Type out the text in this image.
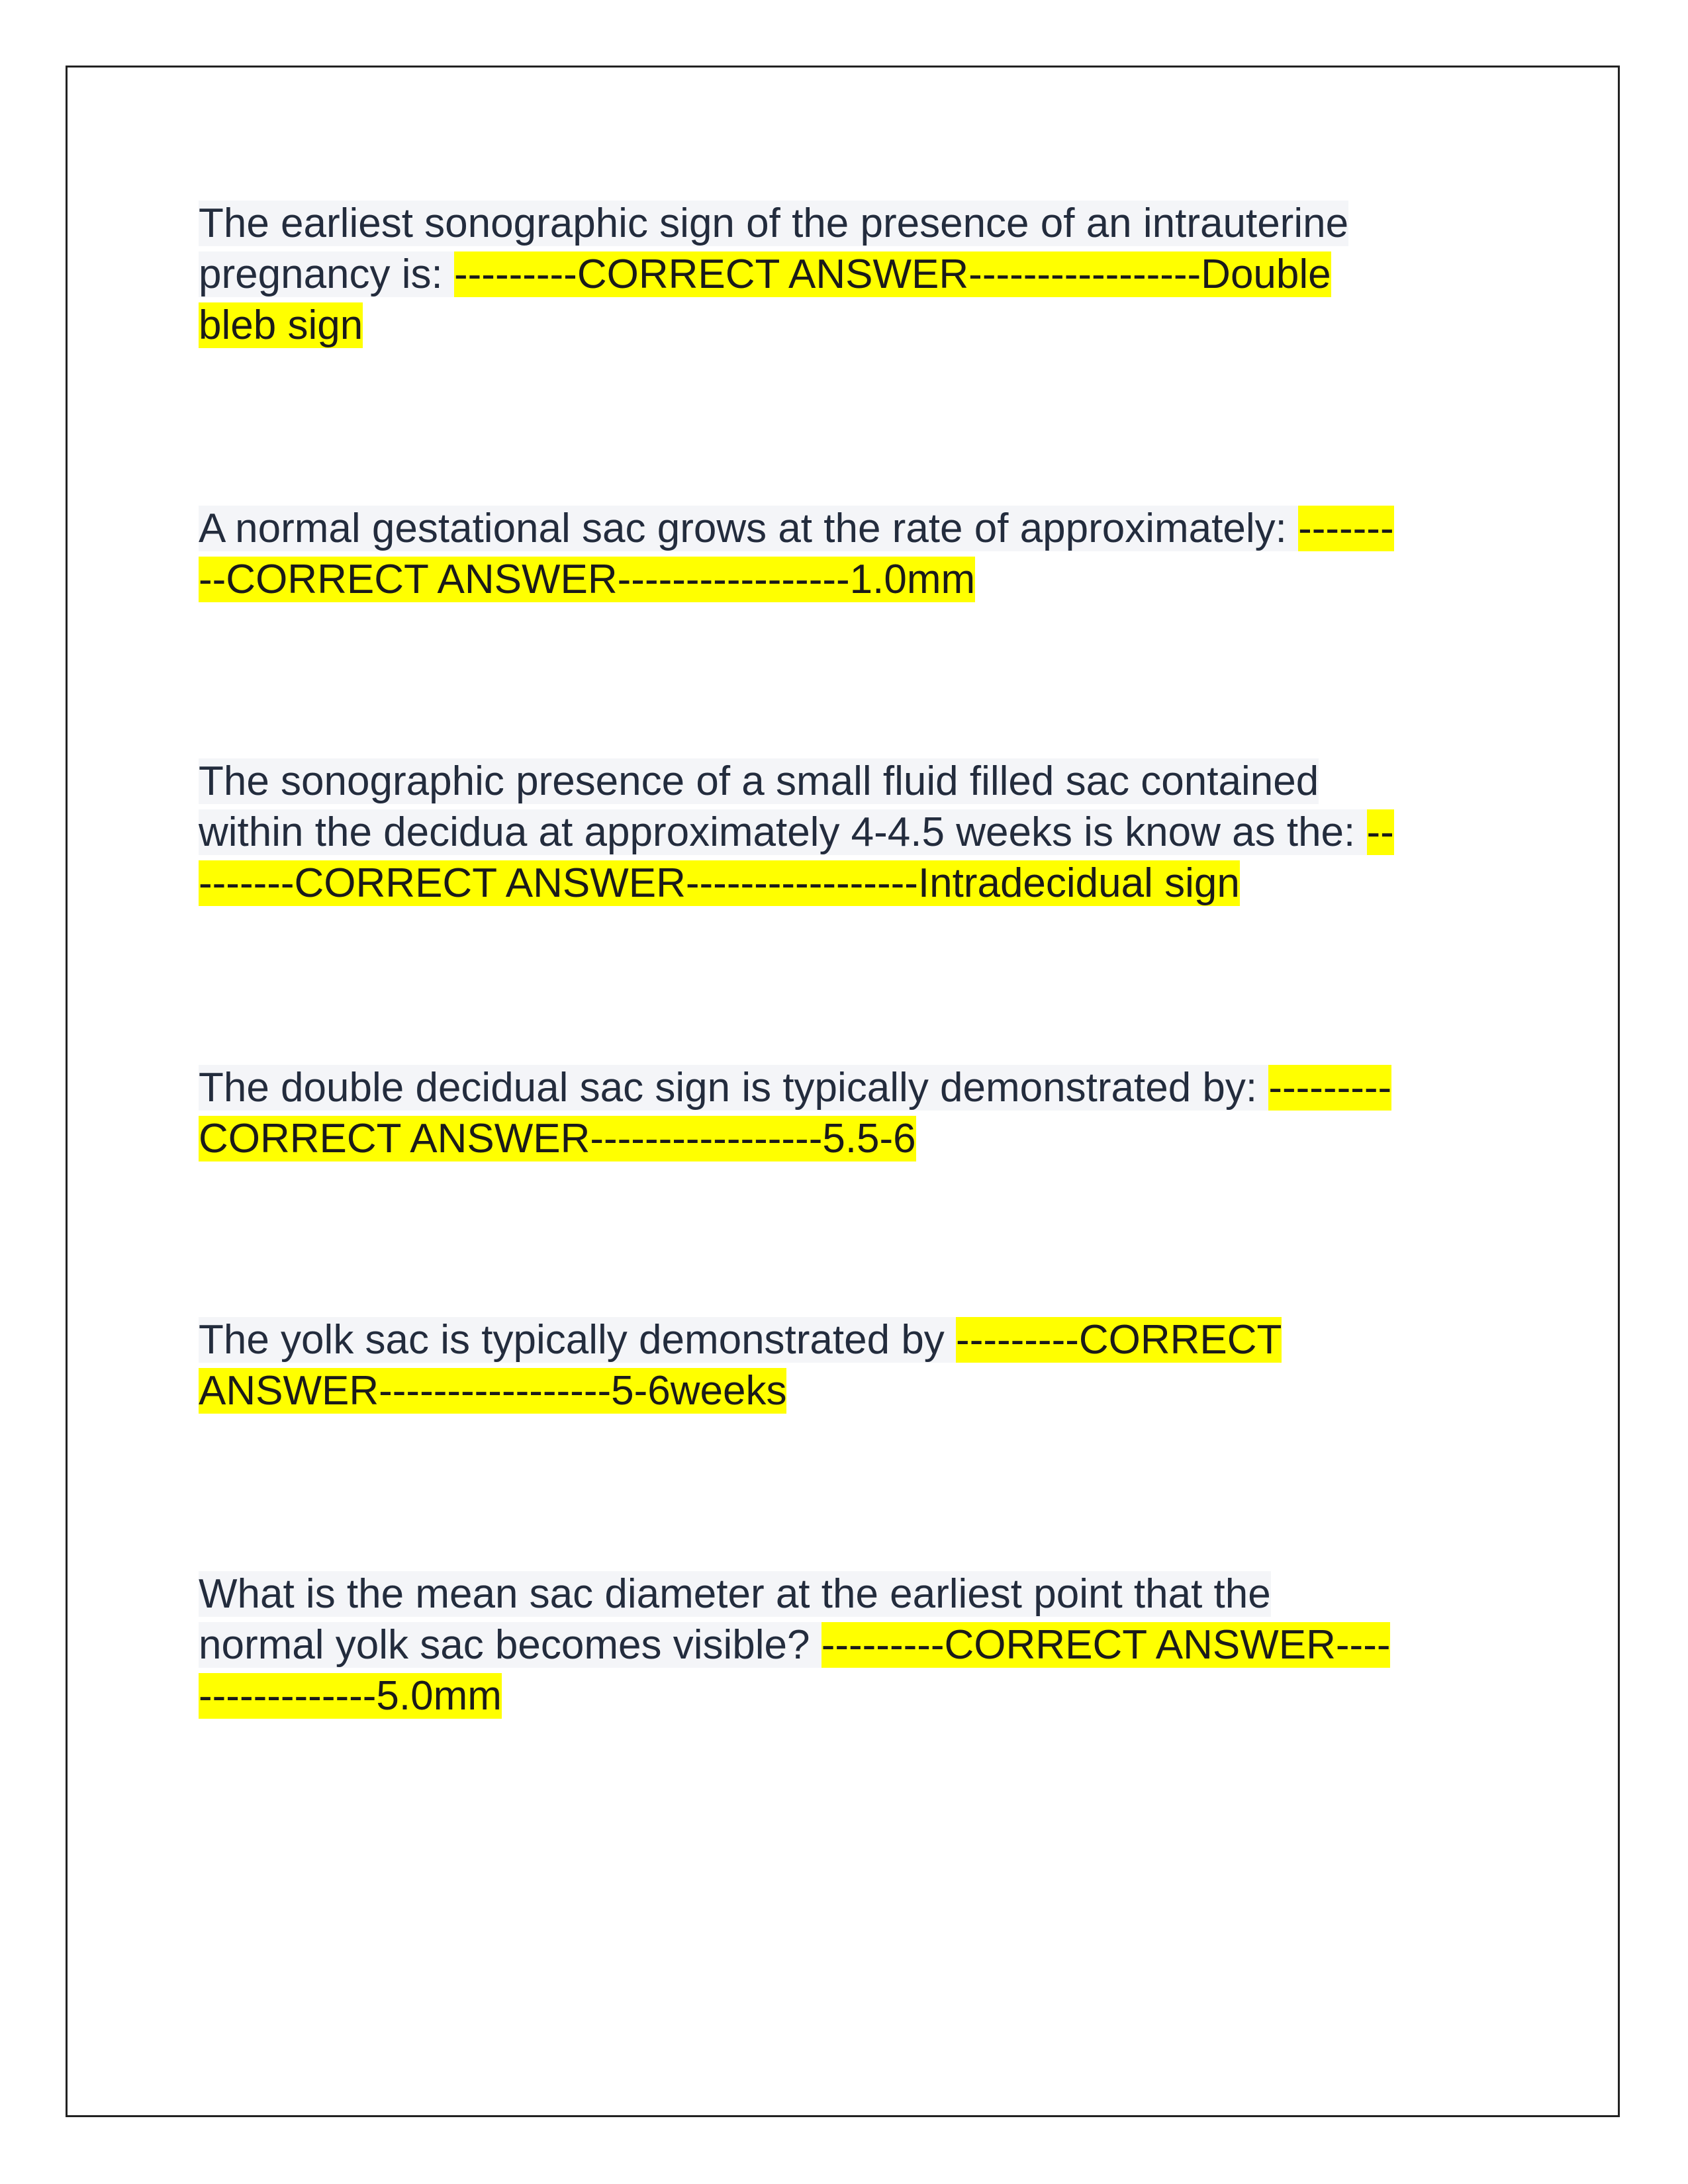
The earliest sonographic sign of the presence of an intrauterine
pregnancy is: ---------CORRECT ANSWER-----------------Double
bleb sign
A normal gestational sac grows at the rate of approximately: -------
--CORRECT ANSWER-----------------1.0mm
The sonographic presence of a small fluid filled sac contained
within the decidua at approximately 4-4.5 weeks is know as the: --
-------CORRECT ANSWER-----------------Intradecidual sign
The double decidual sac sign is typically demonstrated by: ---------
CORRECT ANSWER-----------------5.5-6
The yolk sac is typically demonstrated by ---------CORRECT
ANSWER-----------------5-6weeks
What is the mean sac diameter at the earliest point that the
normal yolk sac becomes visible? ---------CORRECT ANSWER----
-------------5.0mm
